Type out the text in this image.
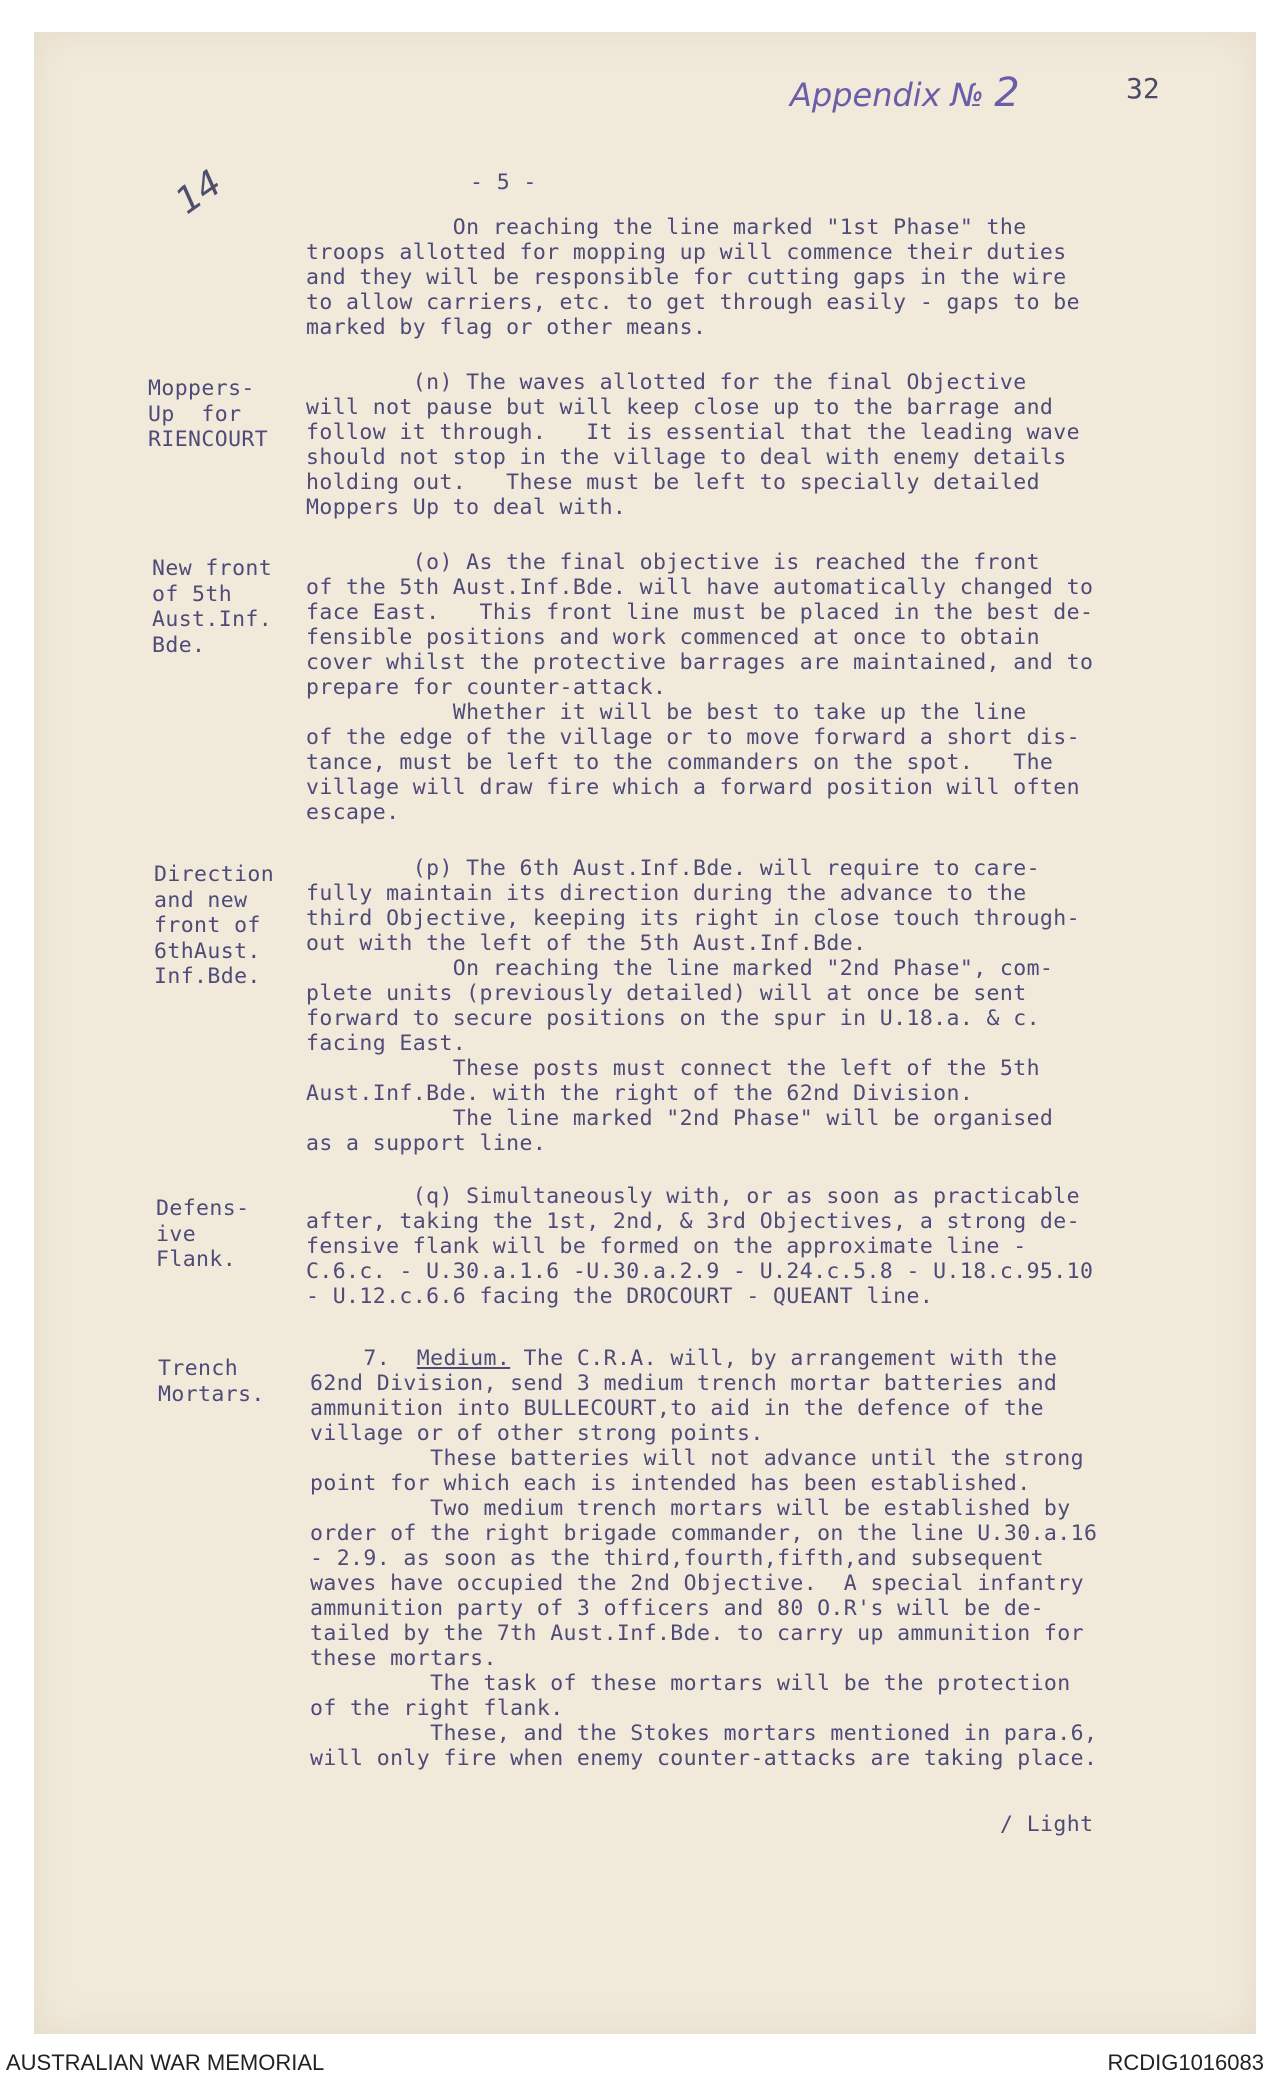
Appendix № 2	32
14	- 5 -
On reaching the line marked "1st Phase" the
troops allotted for mopping up will commence their duties
and they will be responsible for cutting gaps in the wire
to allow carriers, etc. to get through easily - gaps to be
marked by flag or other means.
Moppers-
Up  for
RIENCOURT
(n) The waves allotted for the final Objective
will not pause but will keep close up to the barrage and
follow it through.   It is essential that the leading wave
should not stop in the village to deal with enemy details
holding out.   These must be left to specially detailed
Moppers Up to deal with.
New front
of 5th
Aust.Inf.
Bde.
(o) As the final objective is reached the front
of the 5th Aust.Inf.Bde. will have automatically changed to
face East.   This front line must be placed in the best de-
fensible positions and work commenced at once to obtain
cover whilst the protective barrages are maintained, and to
prepare for counter-attack.
Whether it will be best to take up the line
of the edge of the village or to move forward a short dis-
tance, must be left to the commanders on the spot.   The
village will draw fire which a forward position will often
escape.
Direction
and new
front of
6thAust.
Inf.Bde.
(p) The 6th Aust.Inf.Bde. will require to care-
fully maintain its direction during the advance to the
third Objective, keeping its right in close touch through-
out with the left of the 5th Aust.Inf.Bde.
On reaching the line marked "2nd Phase", com-
plete units (previously detailed) will at once be sent
forward to secure positions on the spur in U.18.a. & c.
facing East.
These posts must connect the left of the 5th
Aust.Inf.Bde. with the right of the 62nd Division.
The line marked "2nd Phase" will be organised
as a support line.
Defens-
ive
Flank.
(q) Simultaneously with, or as soon as practicable
after, taking the 1st, 2nd, & 3rd Objectives, a strong de-
fensive flank will be formed on the approximate line -
C.6.c. - U.30.a.1.6 -U.30.a.2.9 - U.24.c.5.8 - U.18.c.95.10
- U.12.c.6.6 facing the DROCOURT - QUEANT line.
Trench
Mortars.
7.  Medium. The C.R.A. will, by arrangement with the
62nd Division, send 3 medium trench mortar batteries and
ammunition into BULLECOURT,to aid in the defence of the
village or of other strong points.
These batteries will not advance until the strong
point for which each is intended has been established.
Two medium trench mortars will be established by
order of the right brigade commander, on the line U.30.a.16
- 2.9. as soon as the third,fourth,fifth,and subsequent
waves have occupied the 2nd Objective.  A special infantry
ammunition party of 3 officers and 80 O.R's will be de-
tailed by the 7th Aust.Inf.Bde. to carry up ammunition for
these mortars.
The task of these mortars will be the protection
of the right flank.
These, and the Stokes mortars mentioned in para.6,
will only fire when enemy counter-attacks are taking place.
/ Light
AUSTRALIAN WAR MEMORIAL	RCDIG1016083
